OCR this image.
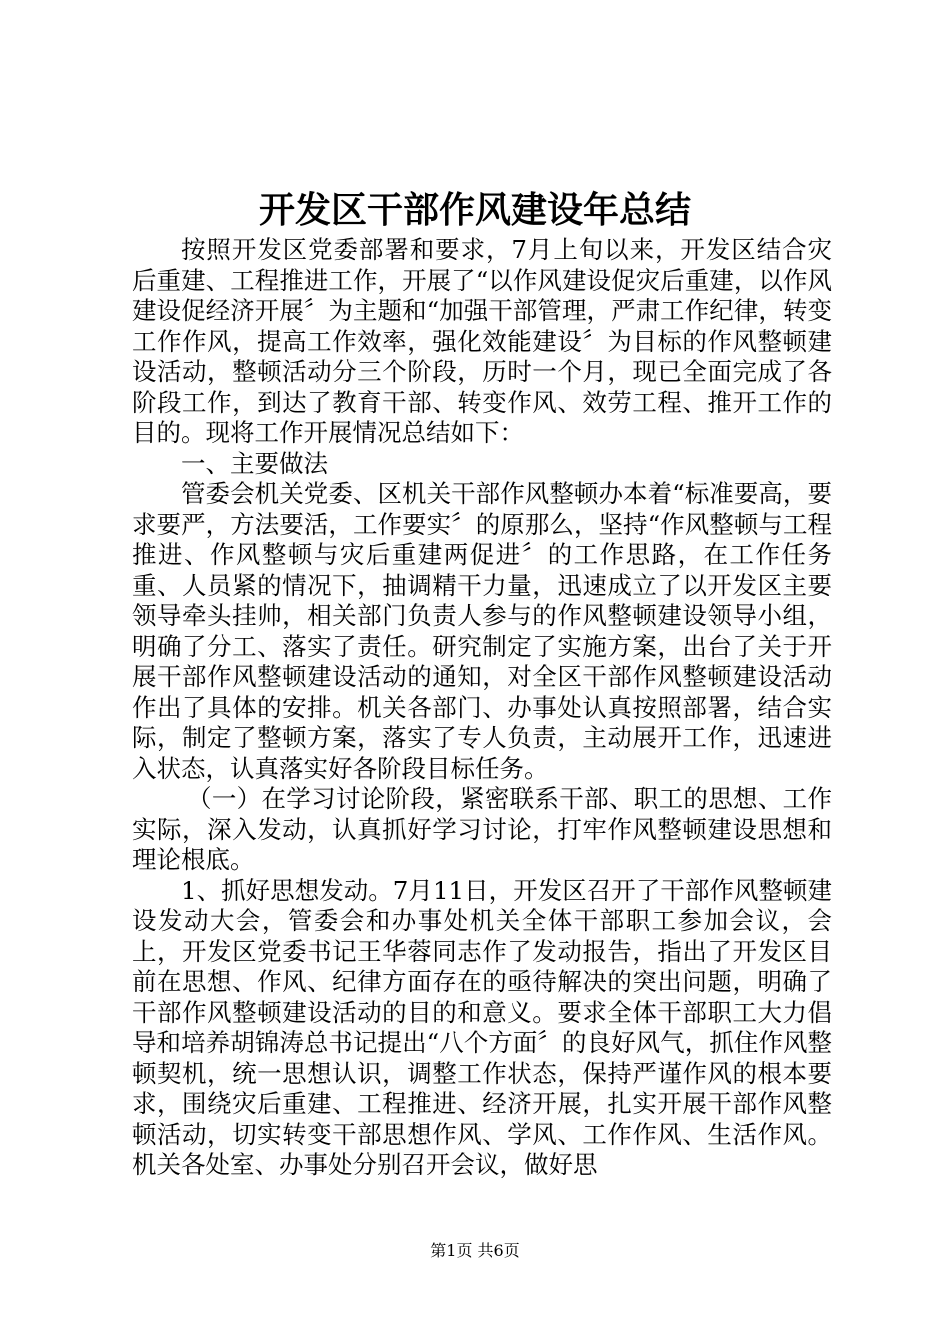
开发区干部作风建设年总结

按照开发区党委部署和要求，7月上旬以来，开发区结合灾后重建、工程推进工作，开展了“以作风建设促灾后重建，以作风建设促经济开展〞为主题和“加强干部管理，严肃工作纪律，转变工作作风，提高工作效率，强化效能建设〞为目标的作风整顿建设活动，整顿活动分三个阶段，历时一个月，现已全面完成了各阶段工作，到达了教育干部、转变作风、效劳工程、推开工作的目的。现将工作开展情况总结如下：

一、主要做法

管委会机关党委、区机关干部作风整顿办本着“标准要高，要求要严，方法要活，工作要实〞的原那么，坚持“作风整顿与工程推进、作风整顿与灾后重建两促进〞的工作思路，在工作任务重、人员紧的情况下，抽调精干力量，迅速成立了以开发区主要领导牵头挂帅，相关部门负责人参与的作风整顿建设领导小组，明确了分工、落实了责任。研究制定了实施方案，出台了关于开展干部作风整顿建设活动的通知，对全区干部作风整顿建设活动作出了具体的安排。机关各部门、办事处认真按照部署，结合实际，制定了整顿方案，落实了专人负责，主动展开工作，迅速进入状态，认真落实好各阶段目标任务。

（一）在学习讨论阶段，紧密联系干部、职工的思想、工作实际，深入发动，认真抓好学习讨论，打牢作风整顿建设思想和理论根底。

1、抓好思想发动。7月11日，开发区召开了干部作风整顿建设发动大会，管委会和办事处机关全体干部职工参加会议，会上，开发区党委书记王华蓉同志作了发动报告，指出了开发区目前在思想、作风、纪律方面存在的亟待解决的突出问题，明确了干部作风整顿建设活动的目的和意义。要求全体干部职工大力倡导和培养胡锦涛总书记提出“八个方面〞的良好风气，抓住作风整顿契机，统一思想认识，调整工作状态，保持严谨作风的根本要求，围绕灾后重建、工程推进、经济开展，扎实开展干部作风整顿活动，切实转变干部思想作风、学风、工作作风、生活作风。机关各处室、办事处分别召开会议，做好思

第1页 共6页
